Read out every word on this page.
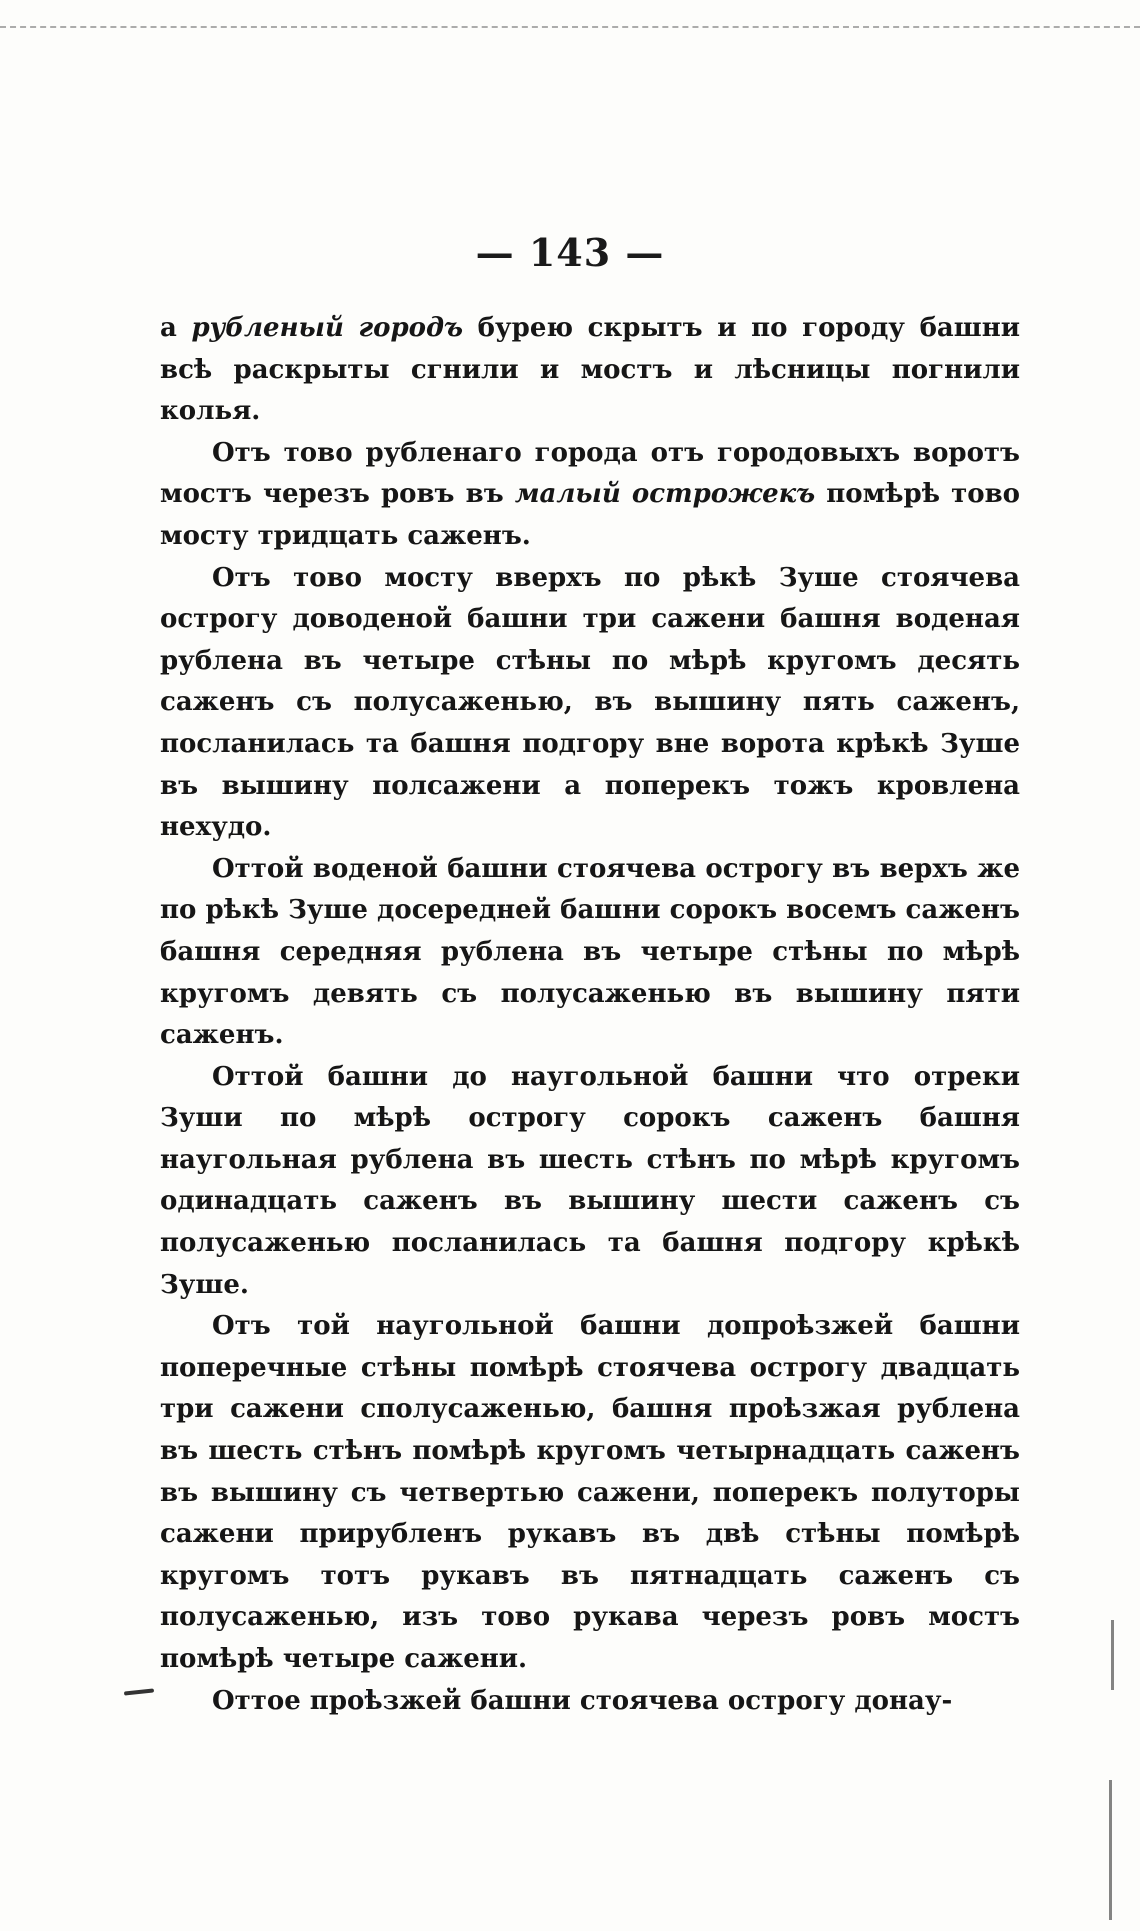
— 143 —

а рубленый городъ бурею скрытъ и по городу башни всѣ раскрыты сгнили и мостъ и лѣсницы погнили колья.

Отъ тово рубленаго города отъ городовыхъ воротъ мостъ черезъ ровъ въ малый острожекъ помѣрѣ тово мосту тридцать саженъ.

Отъ тово мосту вверхъ по рѣкѣ Зуше стоячева острогу доводеной башни три сажени башня воденая рублена въ четыре стѣны по мѣрѣ кругомъ десять саженъ съ полусаженью, въ вышину пять саженъ, посланилась та башня подгору вне ворота крѣкѣ Зуше въ вышину полсажени а поперекъ тожъ кровлена нехудо.

Оттой воденой башни стоячева острогу въ верхъ же по рѣкѣ Зуше досередней башни сорокъ восемъ саженъ башня середняя рублена въ четыре стѣны по мѣрѣ кругомъ девять съ полусаженью въ вышину пяти саженъ.

Оттой башни до наугольной башни что отреки Зуши по мѣрѣ острогу сорокъ саженъ башня наугольная рублена въ шесть стѣнъ по мѣрѣ кругомъ одинадцать саженъ въ вышину шести саженъ съ полусаженью посланилась та башня подгору крѣкѣ Зуше.

Отъ той наугольной башни допроѣзжей башни поперечные стѣны помѣрѣ стоячева острогу двадцать три сажени сполусаженью, башня проѣзжая рублена въ шесть стѣнъ помѣрѣ кругомъ четырнадцать саженъ въ вышину съ четвертью сажени, поперекъ полуторы сажени прирубленъ рукавъ въ двѣ стѣны помѣрѣ кругомъ тотъ рукавъ въ пятнадцать саженъ съ полусаженью, изъ тово рукава черезъ ровъ мостъ помѣрѣ четыре сажени.

Оттое проѣзжей башни стоячева острогу донау-
